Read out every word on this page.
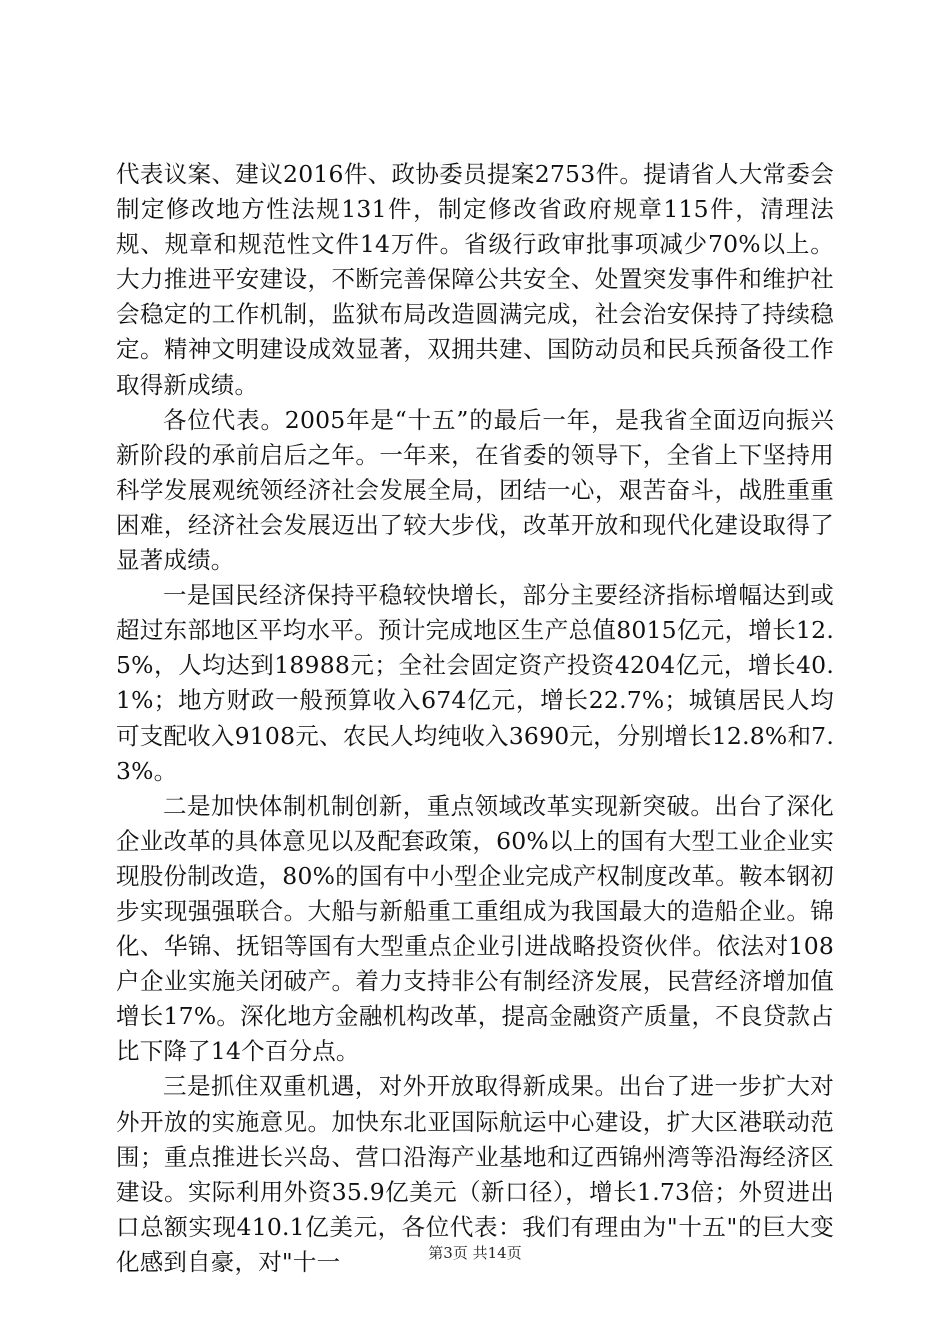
代表议案、建议2016件、政协委员提案2753件。提请省人大常委会制定修改地方性法规131件，制定修改省政府规章115件，清理法规、规章和规范性文件14万件。省级行政审批事项减少70%以上。大力推进平安建设，不断完善保障公共安全、处置突发事件和维护社会稳定的工作机制，监狱布局改造圆满完成，社会治安保持了持续稳定。精神文明建设成效显著，双拥共建、国防动员和民兵预备役工作取得新成绩。

各位代表。2005年是“十五”的最后一年，是我省全面迈向振兴新阶段的承前启后之年。一年来，在省委的领导下，全省上下坚持用科学发展观统领经济社会发展全局，团结一心，艰苦奋斗，战胜重重困难，经济社会发展迈出了较大步伐，改革开放和现代化建设取得了显著成绩。

一是国民经济保持平稳较快增长，部分主要经济指标增幅达到或超过东部地区平均水平。预计完成地区生产总值8015亿元，增长12.5%，人均达到18988元；全社会固定资产投资4204亿元，增长40.1%；地方财政一般预算收入674亿元，增长22.7%；城镇居民人均可支配收入9108元、农民人均纯收入3690元，分别增长12.8%和7.3%。

二是加快体制机制创新，重点领域改革实现新突破。出台了深化企业改革的具体意见以及配套政策，60%以上的国有大型工业企业实现股份制改造，80%的国有中小型企业完成产权制度改革。鞍本钢初步实现强强联合。大船与新船重工重组成为我国最大的造船企业。锦化、华锦、抚铝等国有大型重点企业引进战略投资伙伴。依法对108户企业实施关闭破产。着力支持非公有制经济发展，民营经济增加值增长17%。深化地方金融机构改革，提高金融资产质量，不良贷款占比下降了14个百分点。

三是抓住双重机遇，对外开放取得新成果。出台了进一步扩大对外开放的实施意见。加快东北亚国际航运中心建设，扩大区港联动范围；重点推进长兴岛、营口沿海产业基地和辽西锦州湾等沿海经济区建设。实际利用外资35.9亿美元（新口径），增长1.73倍；外贸进出口总额实现410.1亿美元，各位代表：我们有理由为"十五"的巨大变化感到自豪，对"十一	第3页 共14页
